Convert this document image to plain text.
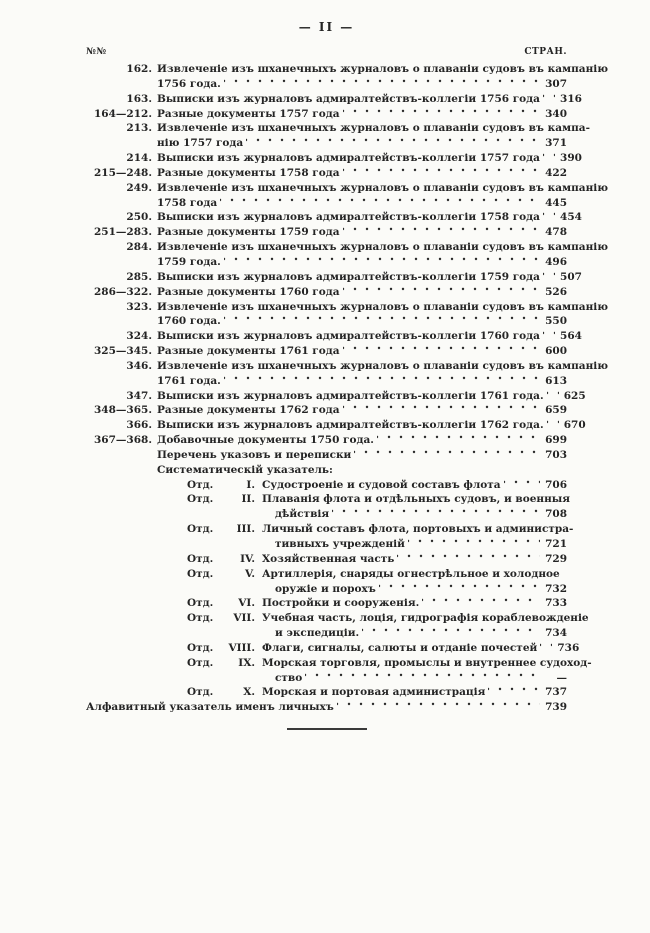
— II —
№№	СТРАН.
162. Извлеченіе изъ шханечныхъ журналовъ о плаваніи судовъ въ кампанію
1756 года.	307
163. Выписки изъ журналовъ адмиралтействъ-коллегіи 1756 года	316
164—212. Разные документы 1757 года	340
213. Извлеченіе изъ шханечныхъ журналовъ о плаваніи судовъ въ кампа-
нію 1757 года	371
214. Выписки изъ журналовъ адмиралтействъ-коллегіи 1757 года	390
215—248. Разные документы 1758 года	422
249. Извлеченіе изъ шханечныхъ журналовъ о плаваніи судовъ въ кампанію
1758 года	445
250. Выписки изъ журналовъ адмиралтействъ-коллегіи 1758 года	454
251—283. Разные документы 1759 года	478
284. Извлеченіе изъ шханечныхъ журналовъ о плаваніи судовъ въ кампанію
1759 года.	496
285. Выписки изъ журналовъ адмиралтействъ-коллегіи 1759 года	507
286—322. Разные документы 1760 года	526
323. Извлеченіе изъ шханечныхъ журналовъ о плаваніи судовъ въ кампанію
1760 года.	550
324. Выписки изъ журналовъ адмиралтействъ-коллегіи 1760 года	564
325—345. Разные документы 1761 года	600
346. Извлеченіе изъ шханечныхъ журналовъ о плаваніи судовъ въ кампанію
1761 года.	613
347. Выписки изъ журналовъ адмиралтействъ-коллегіи 1761 года.	625
348—365. Разные документы 1762 года	659
366. Выписки изъ журналовъ адмиралтействъ-коллегіи 1762 года.	670
367—368. Добавочные документы 1750 года.	699
Перечень указовъ и переписки	703
Систематическій указатель:
Отд.	I. Судостроеніе и судовой составъ флота	706
Отд.	II. Плаванія флота и отдѣльныхъ судовъ, и военныя
дѣйствія	708
Отд.	III. Личный составъ флота, портовыхъ и администра-
тивныхъ учрежденій	721
Отд.	IV. Хозяйственная часть	729
Отд.	V. Артиллерія, снаряды огнестрѣльное и холодное
оружіе и порохъ	732
Отд.	VI. Постройки и сооруженія.	733
Отд.	VII. Учебная часть, лоція, гидрографія кораблевожденіе
и экспедиціи.	734
Отд.	VIII. Флаги, сигналы, салюты и отданіе почестей	736
Отд.	IX. Морская торговля, промыслы и внутреннее судоход-
ство	—
Отд.	X. Морская и портовая администрація	737
Алфавитный указатель именъ личныхъ	739
